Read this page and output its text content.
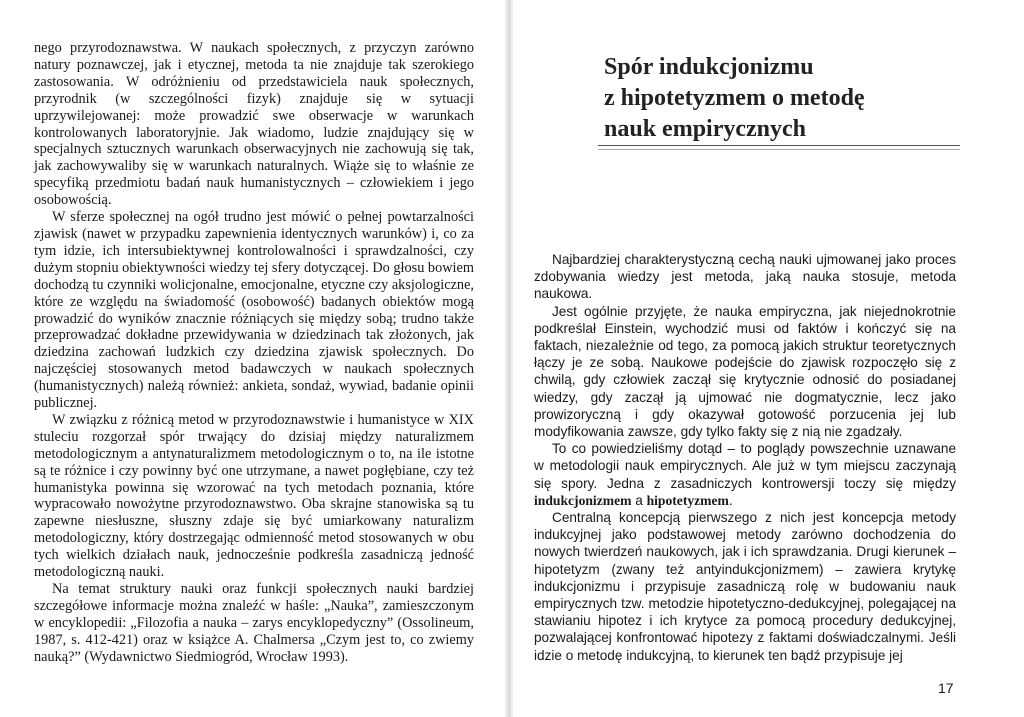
nego przyrodoznawstwa. W naukach społecznych, z przyczyn zarówno natury poznawczej, jak i etycznej, metoda ta nie znajduje tak szerokiego zastosowania. W odróżnieniu od przedstawiciela nauk społecznych, przyrodnik (w szczególności fizyk) znajduje się w sytuacji uprzywilejowanej: może prowadzić swe obserwacje w warunkach kontrolowanych laboratoryjnie. Jak wiadomo, ludzie znajdujący się w specjalnych sztucznych warunkach obserwacyjnych nie zachowują się tak, jak zachowywaliby się w warunkach naturalnych. Wiąże się to właśnie ze specyfiką przedmiotu badań nauk humanistycznych – człowiekiem i jego osobowością.

W sferze społecznej na ogół trudno jest mówić o pełnej powtarzalności zjawisk (nawet w przypadku zapewnienia identycznych warunków) i, co za tym idzie, ich intersubiektywnej kontrolowalności i sprawdzalności, czy dużym stopniu obiektywności wiedzy tej sfery dotyczącej. Do głosu bowiem dochodzą tu czynniki wolicjonalne, emocjonalne, etyczne czy aksjologiczne, które ze względu na świadomość (osobowość) badanych obiektów mogą prowadzić do wyników znacznie różniących się między sobą; trudno także przeprowadzać dokładne przewidywania w dziedzinach tak złożonych, jak dziedzina zachowań ludzkich czy dziedzina zjawisk społecznych. Do najczęściej stosowanych metod badawczych w naukach społecznych (humanistycznych) należą również: ankieta, sondaż, wywiad, badanie opinii publicznej.

W związku z różnicą metod w przyrodoznawstwie i humanistyce w XIX stuleciu rozgorzał spór trwający do dzisiaj między naturalizmem metodologicznym a antynaturalizmem metodologicznym o to, na ile istotne są te różnice i czy powinny być one utrzymane, a nawet pogłębiane, czy też humanistyka powinna się wzorować na tych metodach poznania, które wypracowało nowożytne przyrodoznawstwo. Oba skrajne stanowiska są tu zapewne niesłuszne, słuszny zdaje się być umiarkowany naturalizm metodologiczny, który dostrzegając odmienność metod stosowanych w obu tych wielkich działach nauk, jednocześnie podkreśla zasadniczą jedność metodologiczną nauki.

Na temat struktury nauki oraz funkcji społecznych nauki bardziej szczegółowe informacje można znaleźć w haśle: „Nauka”, zamieszczonym w encyklopedii: „Filozofia a nauka – zarys encyklopedyczny” (Ossolineum, 1987, s. 412-421) oraz w książce A. Chalmersa „Czym jest to, co zwiemy nauką?” (Wydawnictwo Siedmiogród, Wrocław 1993).

Spór indukcjonizmu
z hipotetyzmem o metodę
nauk empirycznych

Najbardziej charakterystyczną cechą nauki ujmowanej jako proces zdobywania wiedzy jest metoda, jaką nauka stosuje, metoda naukowa.

Jest ogólnie przyjęte, że nauka empiryczna, jak niejednokrotnie podkreślał Einstein, wychodzić musi od faktów i kończyć się na faktach, niezależnie od tego, za pomocą jakich struktur teoretycznych łączy je ze sobą. Naukowe podejście do zjawisk rozpoczęło się z chwilą, gdy człowiek zaczął się krytycznie odnosić do posiadanej wiedzy, gdy zaczął ją ujmować nie dogmatycznie, lecz jako prowizoryczną i gdy okazywał gotowość porzucenia jej lub modyfikowania zawsze, gdy tylko fakty się z nią nie zgadzały.

To co powiedzieliśmy dotąd – to poglądy powszechnie uznawane w metodologii nauk empirycznych. Ale już w tym miejscu zaczynają się spory. Jedna z zasadniczych kontrowersji toczy się między indukcjonizmem a hipotetyzmem.

Centralną koncepcją pierwszego z nich jest koncepcja metody indukcyjnej jako podstawowej metody zarówno dochodzenia do nowych twierdzeń naukowych, jak i ich sprawdzania. Drugi kierunek – hipotetyzm (zwany też antyindukcjonizmem) – zawiera krytykę indukcjonizmu i przypisuje zasadniczą rolę w budowaniu nauk empirycznych tzw. metodzie hipotetyczno-dedukcyjnej, polegającej na stawianiu hipotez i ich krytyce za pomocą procedury dedukcyjnej, pozwalającej konfrontować hipotezy z faktami doświadczalnymi. Jeśli idzie o metodę indukcyjną, to kierunek ten bądź przypisuje jej

17
